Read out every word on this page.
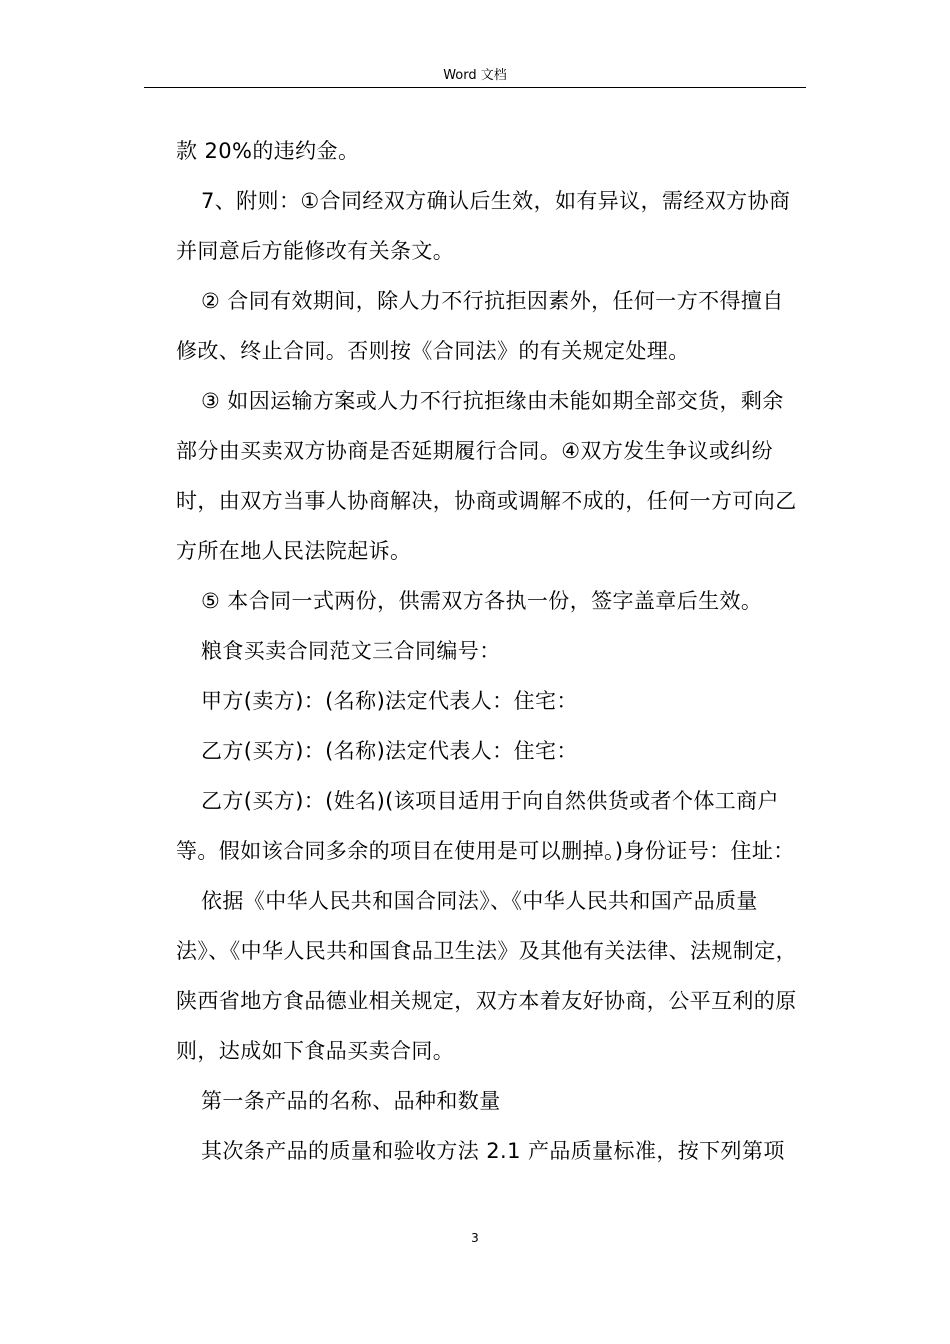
Word 文档

款 20%的违约金。

7、附则：①合同经双方确认后生效，如有异议，需经双方协商并同意后方能修改有关条文。

② 合同有效期间，除人力不行抗拒因素外，任何一方不得擅自修改、终止合同。否则按《合同法》的有关规定处理。

③ 如因运输方案或人力不行抗拒缘由未能如期全部交货，剩余部分由买卖双方协商是否延期履行合同。④双方发生争议或纠纷时，由双方当事人协商解决，协商或调解不成的，任何一方可向乙方所在地人民法院起诉。

⑤ 本合同一式两份，供需双方各执一份，签字盖章后生效。

粮食买卖合同范文三合同编号：

甲方(卖方)：(名称)法定代表人：住宅：

乙方(买方)：(名称)法定代表人：住宅：

乙方(买方)：(姓名)(该项目适用于向自然供货或者个体工商户等。假如该合同多余的项目在使用是可以删掉。)身份证号：住址：

依据《中华人民共和国合同法》、《中华人民共和国产品质量法》、《中华人民共和国食品卫生法》及其他有关法律、法规制定，陕西省地方食品德业相关规定，双方本着友好协商，公平互利的原则，达成如下食品买卖合同。

第一条产品的名称、品种和数量

其次条产品的质量和验收方法 2.1 产品质量标准，按下列第项

3
